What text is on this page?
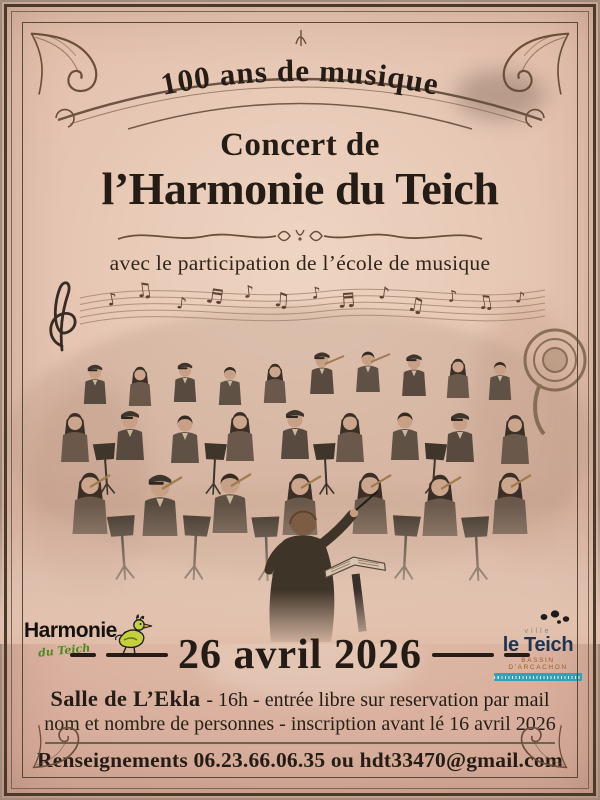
♪ ♫
♪ ♬ ♪ ♫ ♪ ♬ ♪ ♫ ♪ ♫ ♪
100 ans de musique
Concert de
l’Harmonie du Teich
avec le participation de l’école de musique
26 avril 2026
Salle de L’Ekla - 16h - entrée libre sur reservation par mail
nom et nombre de personnes - inscription avant lé 16 avril 2026
Renseignements 06.23.66.06.35 ou hdt33470@gmail.com
Harmonie
du Teich
ville
le Teich
BASSIN D’ARCACHON
